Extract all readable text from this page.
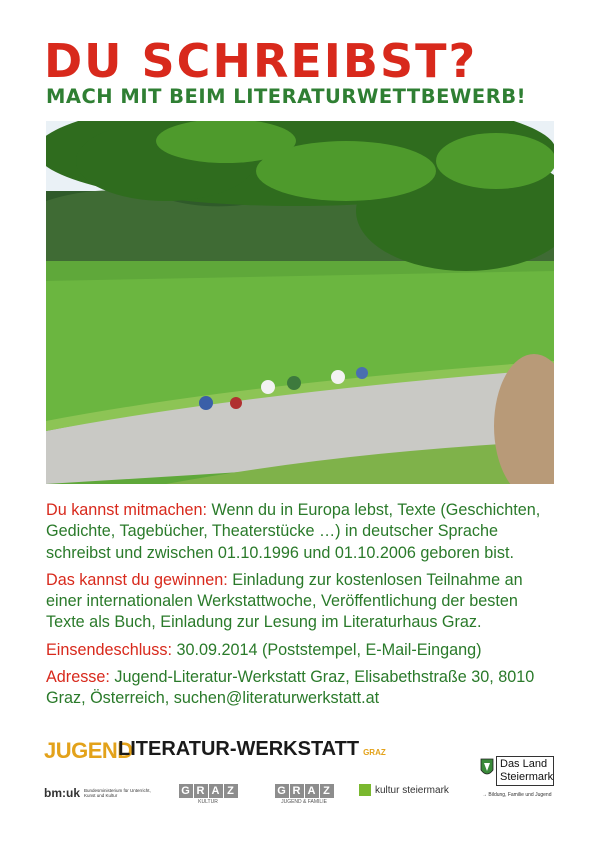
DU SCHREIBST?
MACH MIT BEIM LITERATURWETTBEWERB!

Du kannst mitmachen: Wenn du in Europa lebst, Texte (Geschichten, Gedichte, Tagebücher, Theaterstücke …) in deutscher Sprache schreibst und zwischen 01.10.1996 und 01.10.2006 geboren bist.

Das kannst du gewinnen: Einladung zur kostenlosen Teilnahme an einer internationalen Werkstattwoche, Veröffentlichung der besten Texte als Buch, Einladung zur Lesung im Literaturhaus Graz.

Einsendeschluss: 30.09.2014 (Poststempel, E-Mail-Eingang)

Adresse: Jugend-Literatur-Werkstatt Graz, Elisabethstraße 30, 8010 Graz, Österreich, suchen@literaturwerkstatt.at

JUGEND
LITERATUR-WERKSTATT GRAZ
bm:uk Bundesministerium für Unterricht, Kunst und Kultur	G R A Z
KULTUR
G R A Z
JUGEND & FAMILIE
kultur steiermark
Das Land
Steiermark
→ Bildung, Familie und Jugend
